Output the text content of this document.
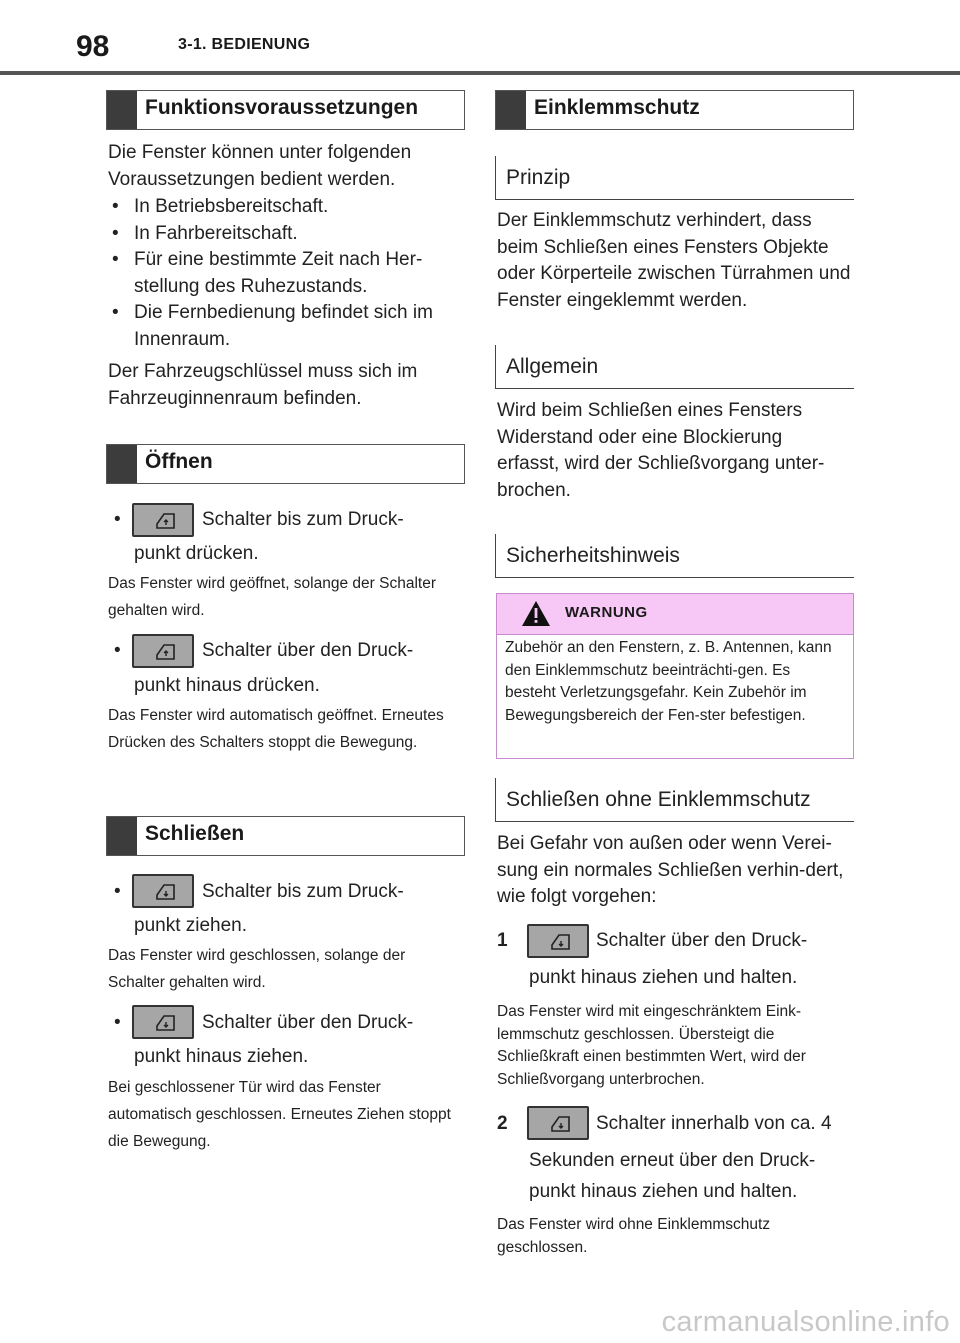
98	3-1. BEDIENUNG
Funktionsvoraussetzungen

Die Fenster können unter folgenden Voraussetzungen bedient werden.

• In Betriebsbereitschaft.
• In Fahrbereitschaft.
• Für eine bestimmte Zeit nach Her-stellung des Ruhezustands.
• Die Fernbedienung befindet sich im Innenraum.

Der Fahrzeugschlüssel muss sich im Fahrzeuginnenraum befinden.

Öffnen
•	Schalter bis zum Druck-
punkt drücken.

Das Fenster wird geöffnet, solange der Schalter gehalten wird.

•	Schalter über den Druck-
punkt hinaus drücken.

Das Fenster wird automatisch geöffnet. Erneutes Drücken des Schalters stoppt die Bewegung.

Schließen
•	Schalter bis zum Druck-
punkt ziehen.

Das Fenster wird geschlossen, solange der Schalter gehalten wird.

•	Schalter über den Druck-
punkt hinaus ziehen.

Bei geschlossener Tür wird das Fenster automatisch geschlossen. Erneutes Ziehen stoppt die Bewegung.

Einklemmschutz
Prinzip

Der Einklemmschutz verhindert, dass beim Schließen eines Fensters Objekte oder Körperteile zwischen Türrahmen und Fenster eingeklemmt werden.

Allgemein

Wird beim Schließen eines Fensters Widerstand oder eine Blockierung erfasst, wird der Schließvorgang unter-brochen.

Sicherheitshinweis
WARNUNG
Zubehör an den Fenstern, z. B. Antennen, kann den Einklemmschutz beeinträchti-gen. Es besteht Verletzungsgefahr. Kein Zubehör im Bewegungsbereich der Fen-ster befestigen.
Schließen ohne Einklemmschutz

Bei Gefahr von außen oder wenn Verei-sung ein normales Schließen verhin-dert, wie folgt vorgehen:

1	Schalter über den Druck-
punkt hinaus ziehen und halten.

Das Fenster wird mit eingeschränktem Eink-lemmschutz geschlossen. Übersteigt die Schließkraft einen bestimmten Wert, wird der Schließvorgang unterbrochen.

2	Schalter innerhalb von ca. 4
Sekunden erneut über den Druck-
punkt hinaus ziehen und halten.

Das Fenster wird ohne Einklemmschutz geschlossen.

carmanualsonline.info
